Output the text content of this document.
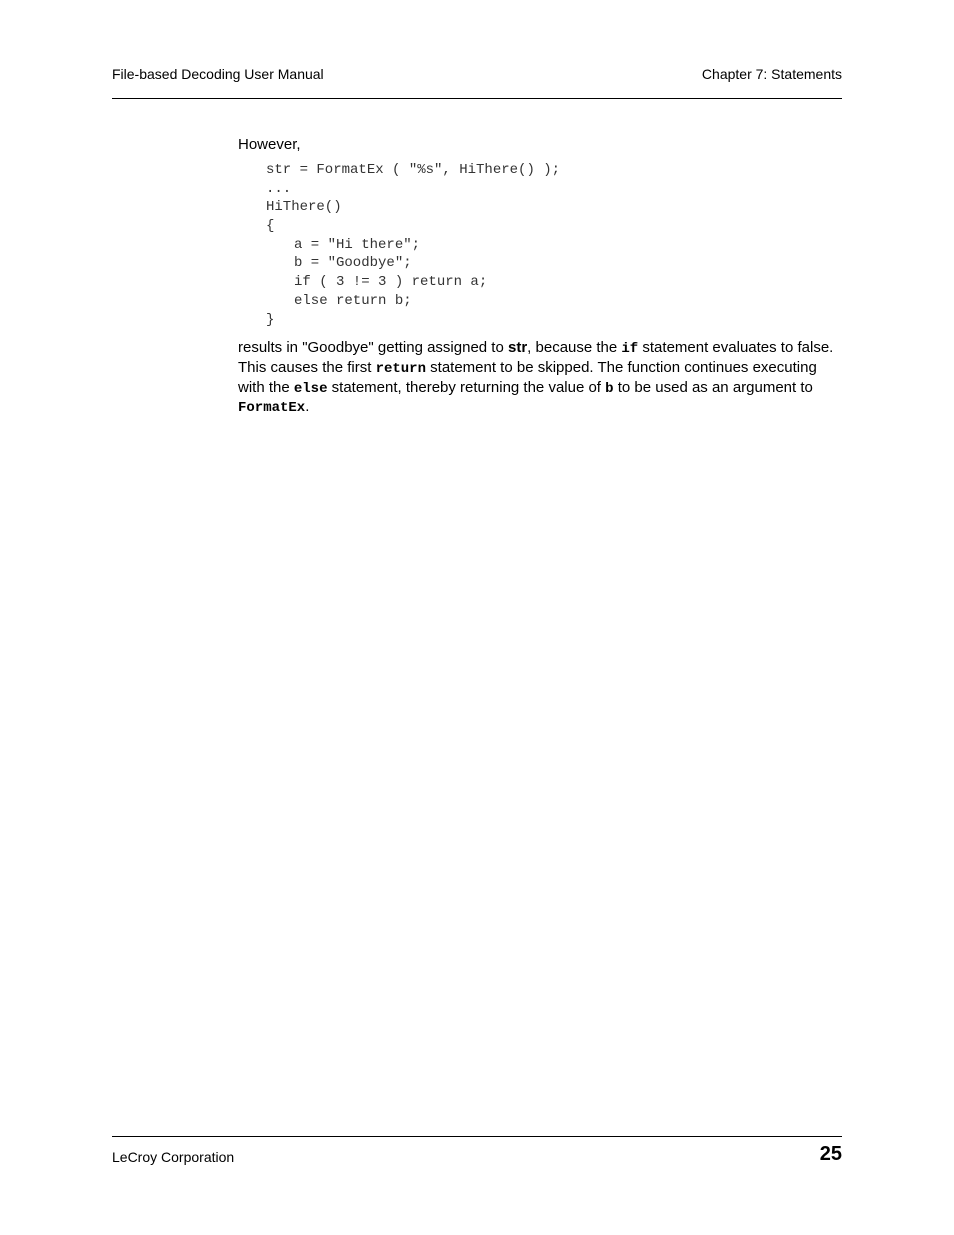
File-based Decoding User Manual	Chapter 7: Statements

However,

str = FormatEx ( "%s", HiThere() );
...
HiThere()
{
a = "Hi there";
b = "Goodbye";
if ( 3 != 3 ) return a;
else return b;
}
results in "Goodbye" getting assigned to str, because the if statement evaluates to false. This causes the first return statement to be skipped. The function continues executing with the else statement, thereby returning the value of b to be used as an argument to FormatEx.
LeCroy Corporation	25
